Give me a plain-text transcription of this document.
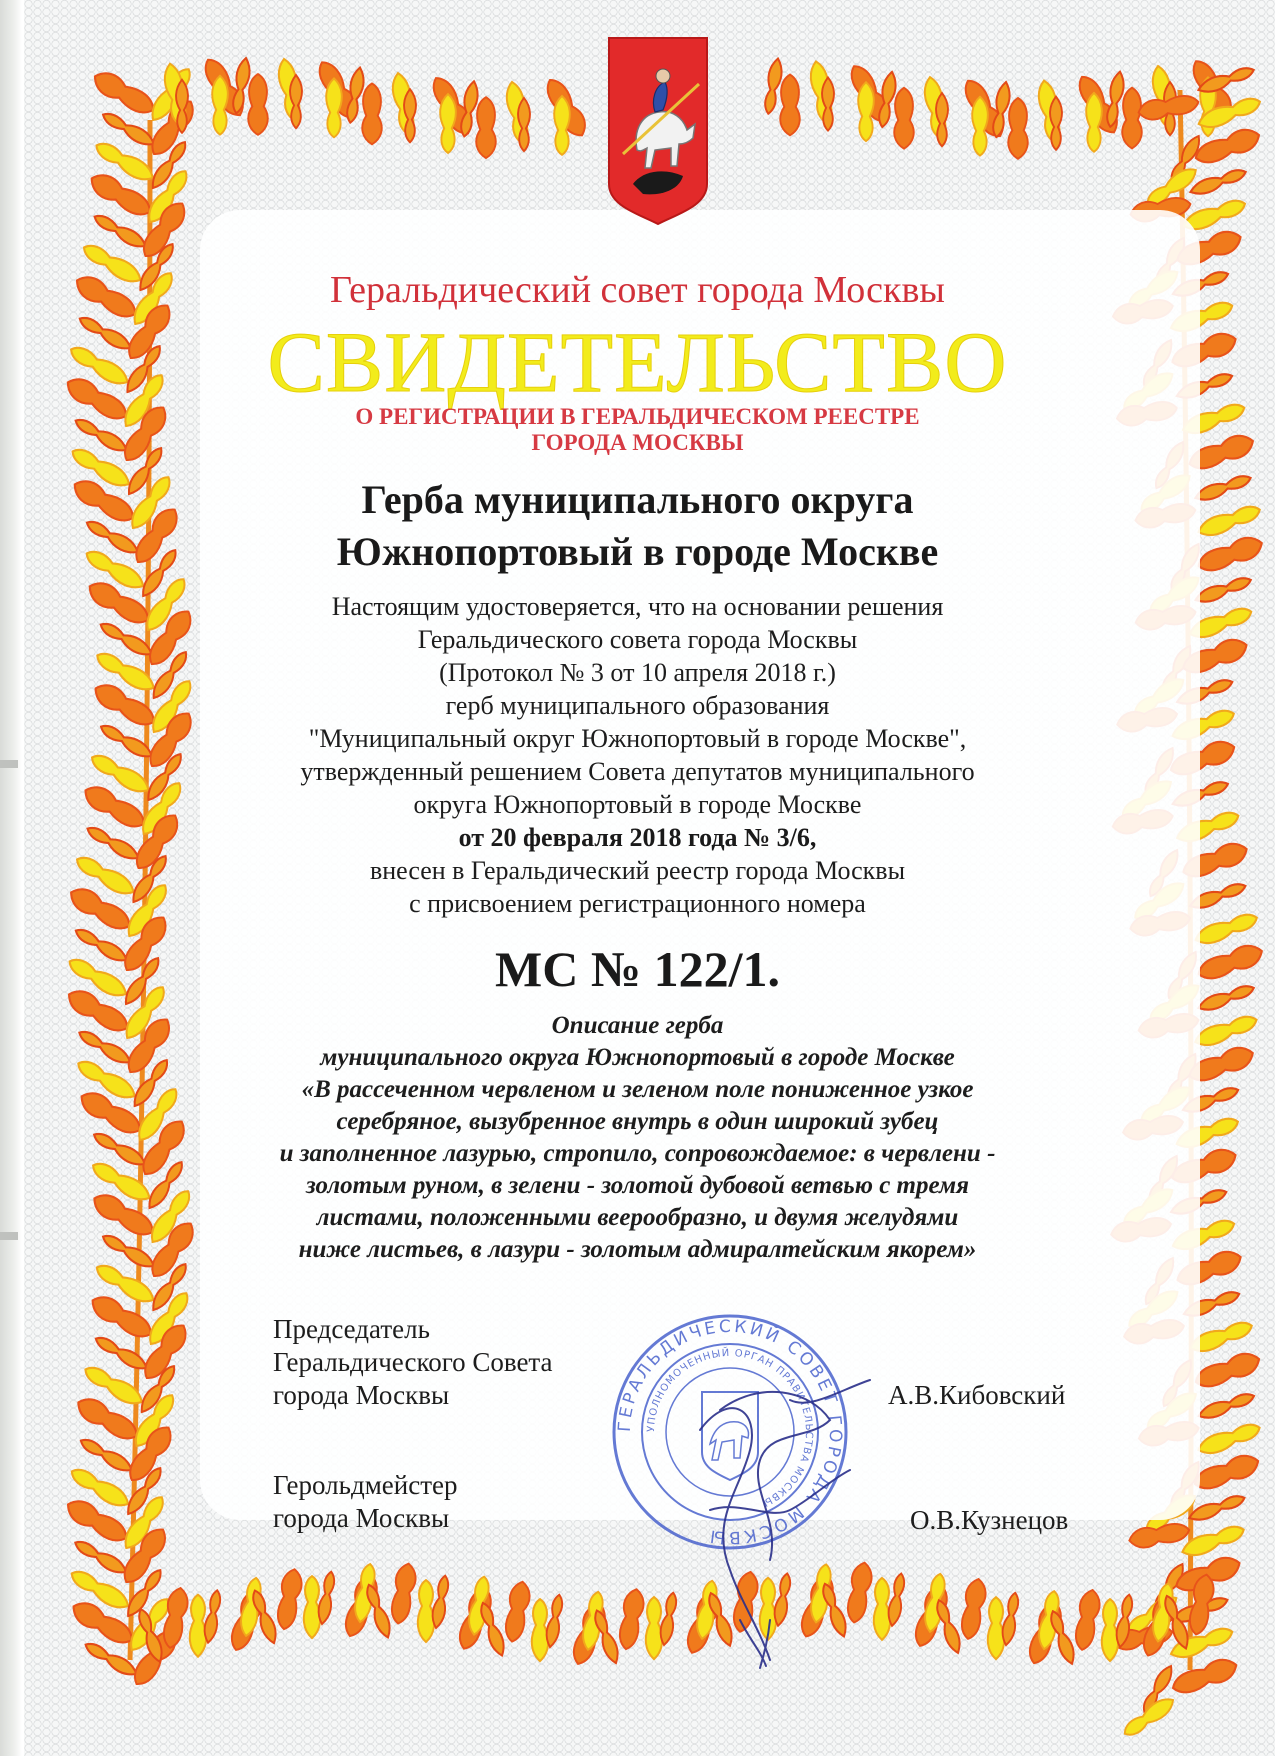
Геральдический совет города Москвы

СВИДЕТЕЛЬСТВО

О РЕГИСТРАЦИИ В ГЕРАЛЬДИЧЕСКОМ РЕЕСТРЕ

ГОРОДА МОСКВЫ

Герба муниципального округа

Южнопортовый в городе Москве

Настоящим удостоверяется, что на основании решения

Геральдического совета города Москвы

(Протокол № 3 от 10 апреля 2018 г.)

герб муниципального образования

"Муниципальный округ Южнопортовый в городе Москве",

утвержденный решением Совета депутатов муниципального

округа Южнопортовый в городе Москве

от 20 февраля 2018 года № 3/6,

внесен в Геральдический реестр города Москвы

с присвоением регистрационного номера

МС № 122/1.

Описание герба

муниципального округа Южнопортовый в городе Москве

«В рассеченном червленом и зеленом поле пониженное узкое

серебряное, вызубренное внутрь в один широкий зубец

и заполненное лазурью, стропило, сопровождаемое: в червлени -

золотым руном, в зелени - золотой дубовой ветвью с тремя

листами, положенными веерообразно, и двумя желудями

ниже листьев, в лазури - золотым адмиралтейским якорем»

Председатель

Геральдического Совета

города Москвы	А.В.Кибовский

Герольдмейстер

города Москвы	О.В.Кузнецов

ГЕРАЛЬДИЧЕСКИЙ СОВЕТ ГОРОДА МОСКВЫ
УПОЛНОМОЧЕННЫЙ ОРГАН ПРАВИТЕЛЬСТВА МОСКВЫ
